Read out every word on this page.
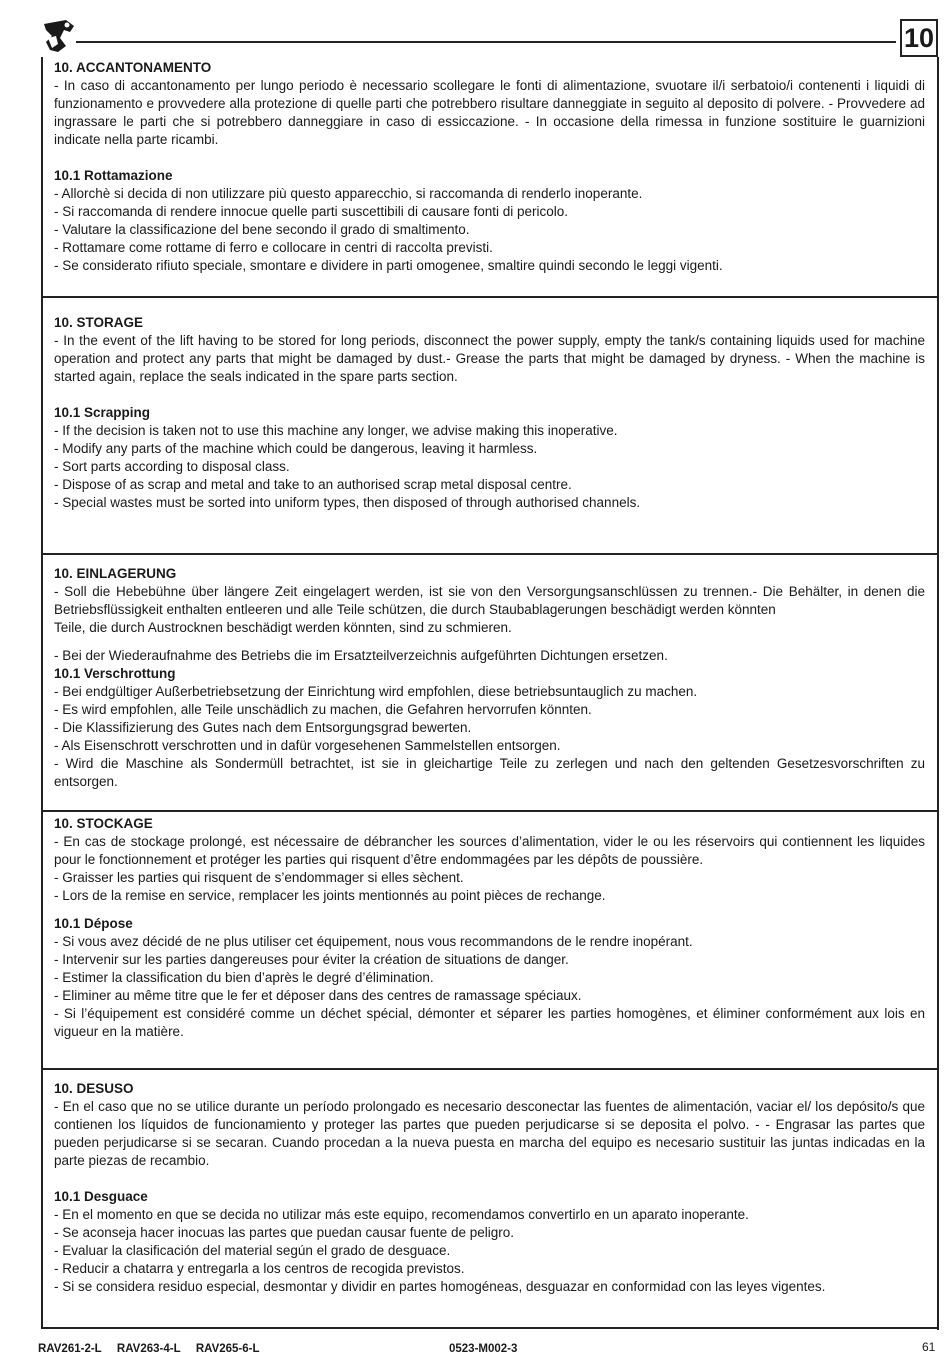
10
10. ACCANTONAMENTO
- In caso di accantonamento per lungo periodo è necessario scollegare le fonti di alimentazione, svuotare il/i serbatoio/i contenenti i liquidi di funzionamento e provvedere alla protezione di quelle parti che potrebbero risultare danneggiate in seguito al deposito di polvere. - Provvedere ad ingrassare le parti che si potrebbero danneggiare in caso di essiccazione. - In occasione della rimessa in funzione sostituire le guarnizioni indicate nella parte ricambi.
10.1 Rottamazione
- Allorchè si decida di non utilizzare più questo apparecchio, si raccomanda di renderlo inoperante.
- Si raccomanda di rendere innocue quelle parti suscettibili di causare fonti di pericolo.
- Valutare la classificazione del bene secondo il grado di smaltimento.
- Rottamare come rottame di ferro e collocare in centri di raccolta previsti.
- Se considerato rifiuto speciale, smontare e dividere in parti omogenee, smaltire quindi secondo le leggi vigenti.
10. STORAGE
- In the event of the lift having to be stored for long periods, disconnect the power supply, empty the tank/s containing liquids used for machine operation and protect any parts that might be damaged by dust.- Grease the parts that might be damaged by dryness. - When the machine is started again, replace the seals indicated in the spare parts section.
10.1 Scrapping
- If the decision is taken not to use this machine any longer, we advise making this inoperative.
- Modify any parts of the machine which could be dangerous, leaving it harmless.
- Sort parts according to disposal class.
- Dispose of as scrap and metal and take to an authorised scrap metal disposal centre.
- Special wastes must be sorted into uniform types, then disposed of through authorised channels.
10. EINLAGERUNG
- Soll die Hebebühne über längere Zeit eingelagert werden, ist sie von den Versorgungsanschlüssen zu trennen.- Die Behälter, in denen die Betriebsflüssigkeit enthalten entleeren und alle Teile schützen, die durch Staubablagerungen beschädigt werden könnten
Teile, die durch Austrocknen beschädigt werden könnten, sind zu schmieren.
- Bei der Wiederaufnahme des Betriebs die im Ersatzteilverzeichnis aufgeführten Dichtungen ersetzen.
10.1 Verschrottung
- Bei endgültiger Außerbetriebsetzung der Einrichtung wird empfohlen, diese betriebsuntauglich zu machen.
- Es wird empfohlen, alle Teile unschädlich zu machen, die Gefahren hervorrufen könnten.
- Die Klassifizierung des Gutes nach dem Entsorgungsgrad bewerten.
- Als Eisenschrott verschrotten und in dafür vorgesehenen Sammelstellen entsorgen.
- Wird die Maschine als Sondermüll betrachtet, ist sie in gleichartige Teile zu zerlegen und nach den geltenden Gesetzesvorschriften zu entsorgen.
10. STOCKAGE
- En cas de stockage prolongé, est nécessaire de débrancher les sources d’alimentation, vider le ou les réservoirs qui contiennent les liquides pour le fonctionnement et protéger les parties qui risquent d’être endommagées par les dépôts de poussière.
- Graisser les parties qui risquent de s’endommager si elles sèchent.
- Lors de la remise en service, remplacer les joints mentionnés au point pièces de rechange.
10.1 Dépose
- Si vous avez décidé de ne plus utiliser cet équipement, nous vous recommandons de le rendre inopérant.
- Intervenir sur les parties dangereuses pour éviter la création de situations de danger.
- Estimer la classification du bien d’après le degré d’élimination.
- Eliminer au même titre que le fer et déposer dans des centres de ramassage spéciaux.
- Si l’équipement est considéré comme un déchet spécial, démonter et séparer les parties homogènes, et éliminer conformément aux lois en vigueur en la matière.
10. DESUSO
- En el caso que no se utilice durante un período prolongado es necesario desconectar las fuentes de alimentación, vaciar el/ los depósito/s que contienen los líquidos de funcionamiento y proteger las partes que pueden perjudicarse si se deposita el polvo. - - Engrasar las partes que pueden perjudicarse si se secaran. Cuando procedan a la nueva puesta en marcha del equipo es necesario sustituir las juntas indicadas en la parte piezas de recambio.
10.1 Desguace
- En el momento en que se decida no utilizar más este equipo, recomendamos convertirlo en un aparato inoperante.
- Se aconseja hacer inocuas las partes que puedan causar fuente de peligro.
- Evaluar la clasificación del material según el grado de desguace.
- Reducir a chatarra y entregarla a los centros de recogida previstos.
- Si se considera residuo especial, desmontar y dividir en partes homogéneas, desguazar en conformidad con las leyes vigentes.
RAV261-2-L RAV263-4-L RAV265-6-L	0523-M002-3	61
